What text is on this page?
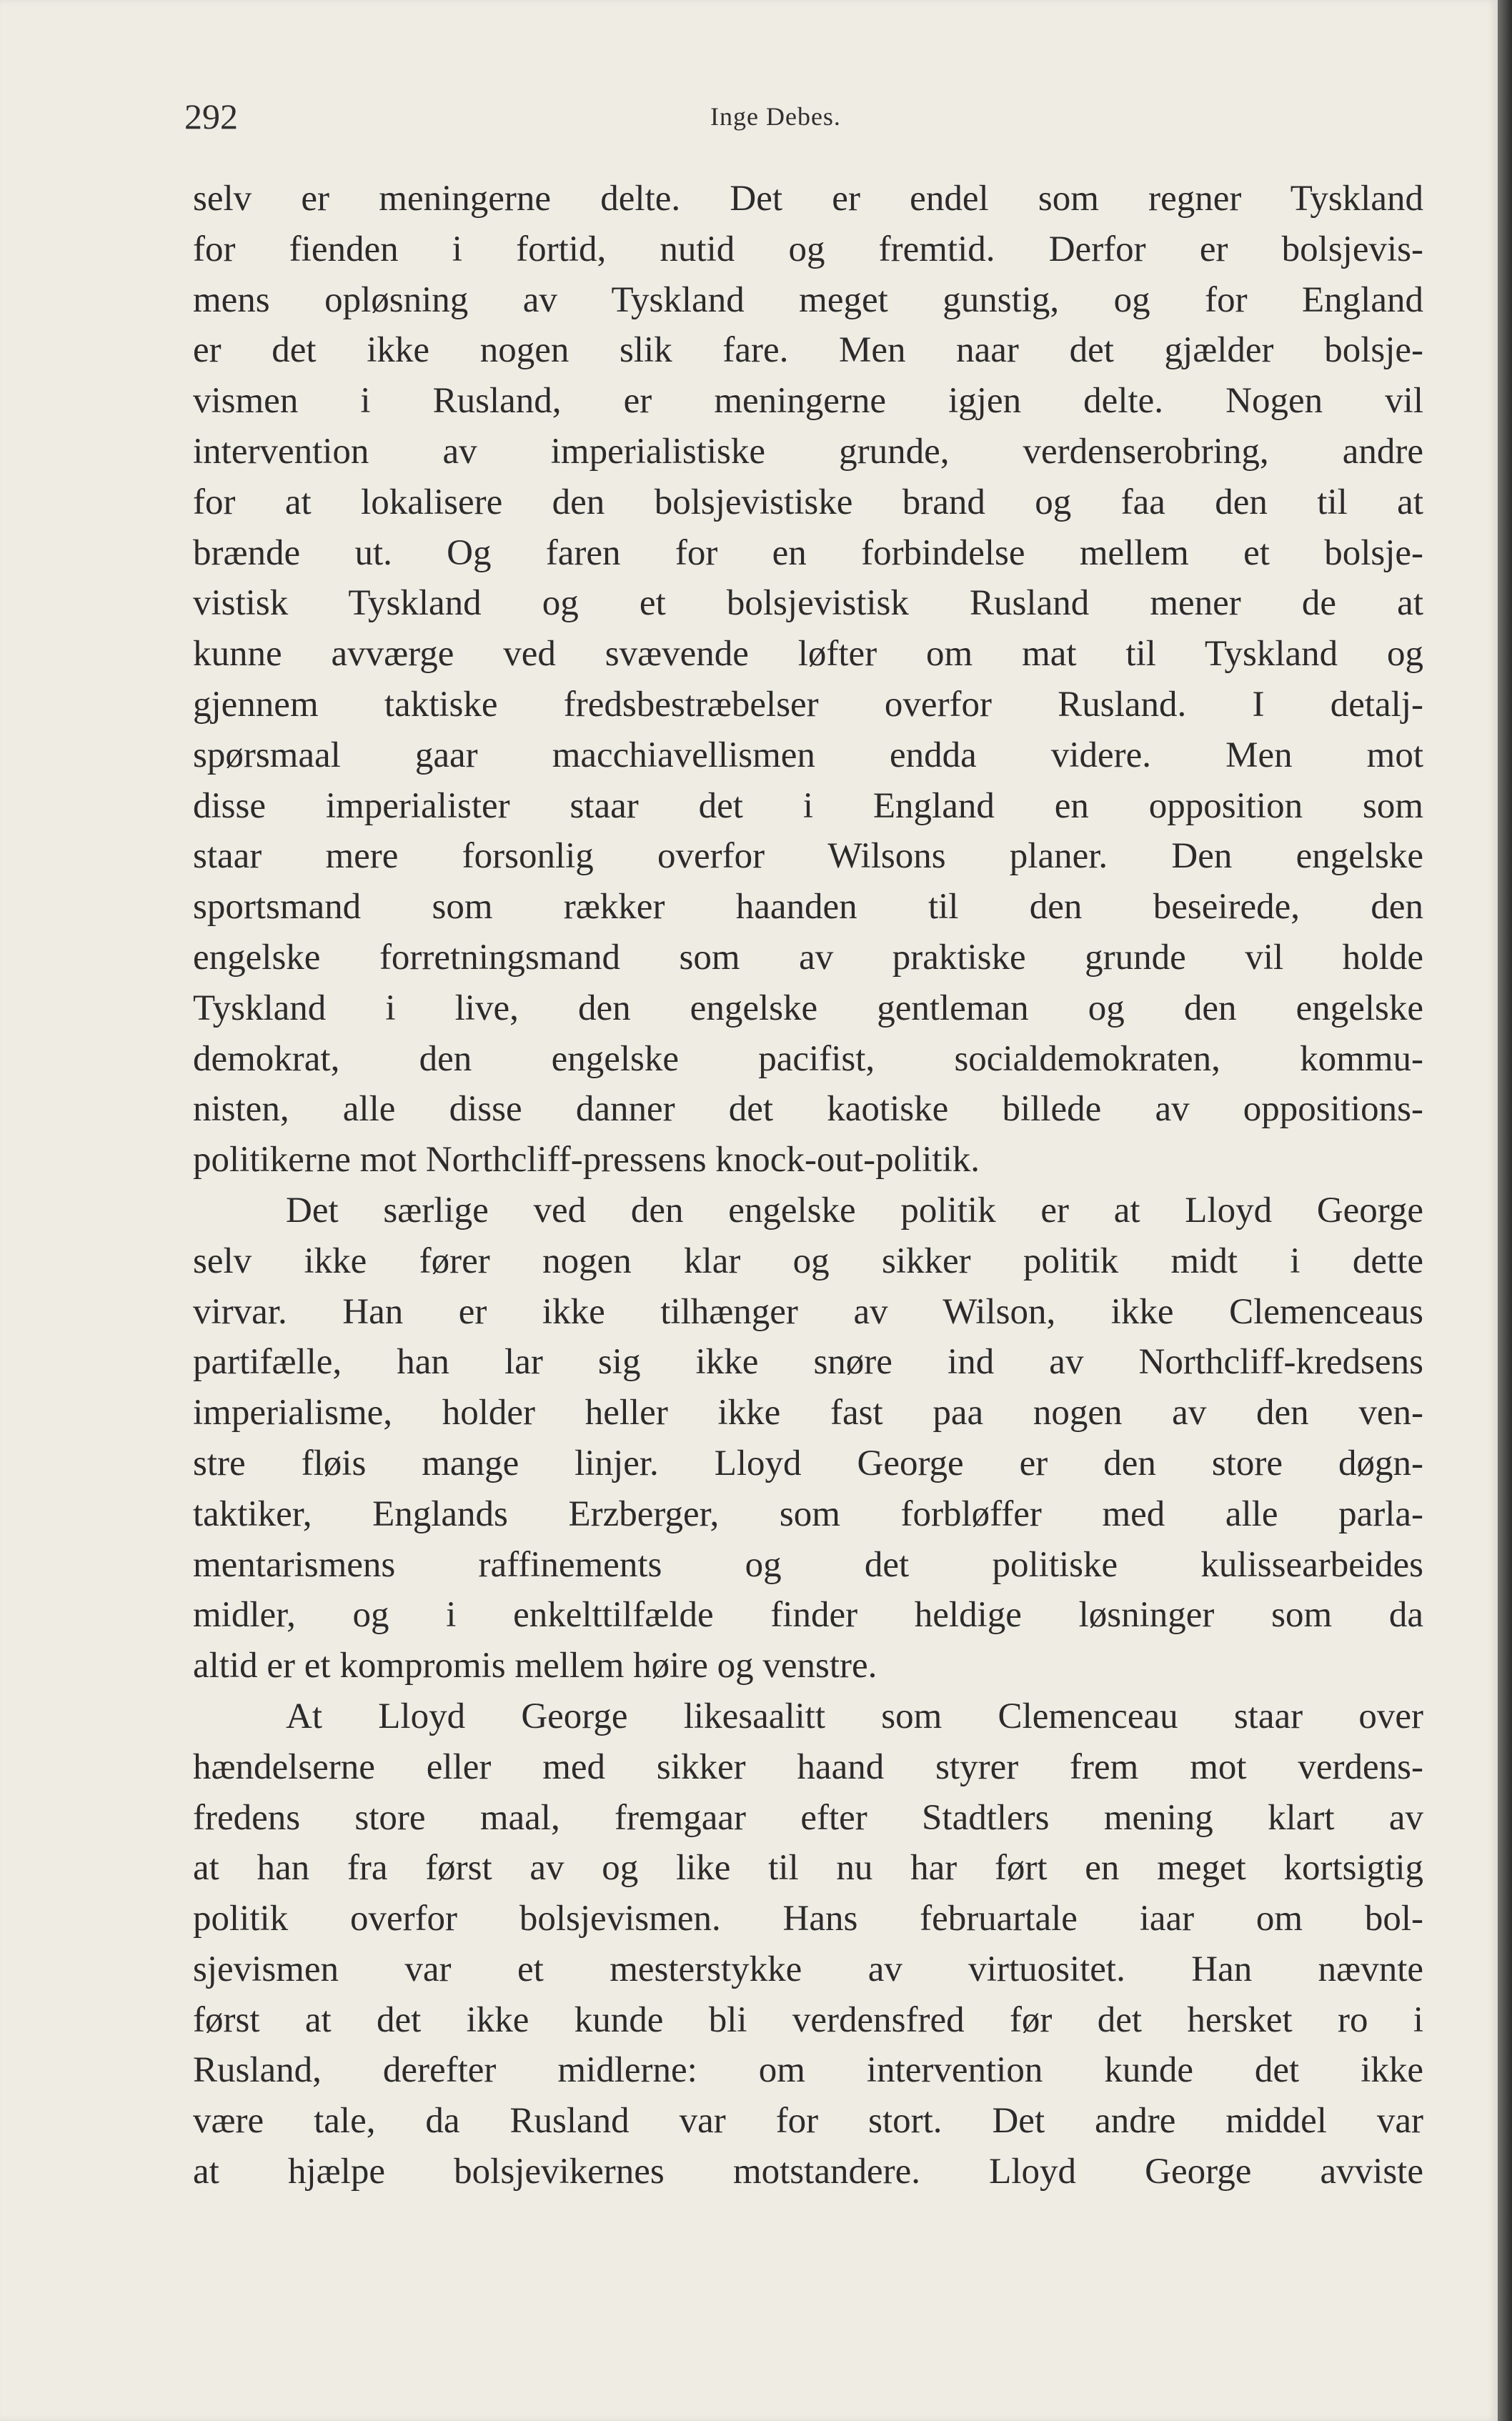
292	Inge Debes.

selv er meningerne delte. Det er endel som regner Tyskland
for fienden i fortid, nutid og fremtid. Derfor er bolsjevis-
mens opløsning av Tyskland meget gunstig, og for England
er det ikke nogen slik fare. Men naar det gjælder bolsje-
vismen i Rusland, er meningerne igjen delte. Nogen vil
intervention av imperialistiske grunde, verdenserobring, andre
for at lokalisere den bolsjevistiske brand og faa den til at
brænde ut. Og faren for en forbindelse mellem et bolsje-
vistisk Tyskland og et bolsjevistisk Rusland mener de at
kunne avværge ved svævende løfter om mat til Tyskland og
gjennem taktiske fredsbestræbelser overfor Rusland. I detalj-
spørsmaal gaar macchiavellismen endda videre. Men mot
disse imperialister staar det i England en opposition som
staar mere forsonlig overfor Wilsons planer. Den engelske
sportsmand som rækker haanden til den beseirede, den
engelske forretningsmand som av praktiske grunde vil holde
Tyskland i live, den engelske gentleman og den engelske
demokrat, den engelske pacifist, socialdemokraten, kommu-
nisten, alle disse danner det kaotiske billede av oppositions-
politikerne mot Northcliff-pressens knock-out-politik.

Det særlige ved den engelske politik er at Lloyd George
selv ikke fører nogen klar og sikker politik midt i dette
virvar. Han er ikke tilhænger av Wilson, ikke Clemenceaus
partifælle, han lar sig ikke snøre ind av Northcliff-kredsens
imperialisme, holder heller ikke fast paa nogen av den ven-
stre fløis mange linjer. Lloyd George er den store døgn-
taktiker, Englands Erzberger, som forbløffer med alle parla-
mentarismens raffinements og det politiske kulissearbeides
midler, og i enkelttilfælde finder heldige løsninger som da
altid er et kompromis mellem høire og venstre.

At Lloyd George likesaalitt som Clemenceau staar over
hændelserne eller med sikker haand styrer frem mot verdens-
fredens store maal, fremgaar efter Stadtlers mening klart av
at han fra først av og like til nu har ført en meget kortsigtig
politik overfor bolsjevismen. Hans februartale iaar om bol-
sjevismen var et mesterstykke av virtuositet. Han nævnte
først at det ikke kunde bli verdensfred før det hersket ro i
Rusland, derefter midlerne: om intervention kunde det ikke
være tale, da Rusland var for stort. Det andre middel var
at hjælpe bolsjevikernes motstandere. Lloyd George avviste
